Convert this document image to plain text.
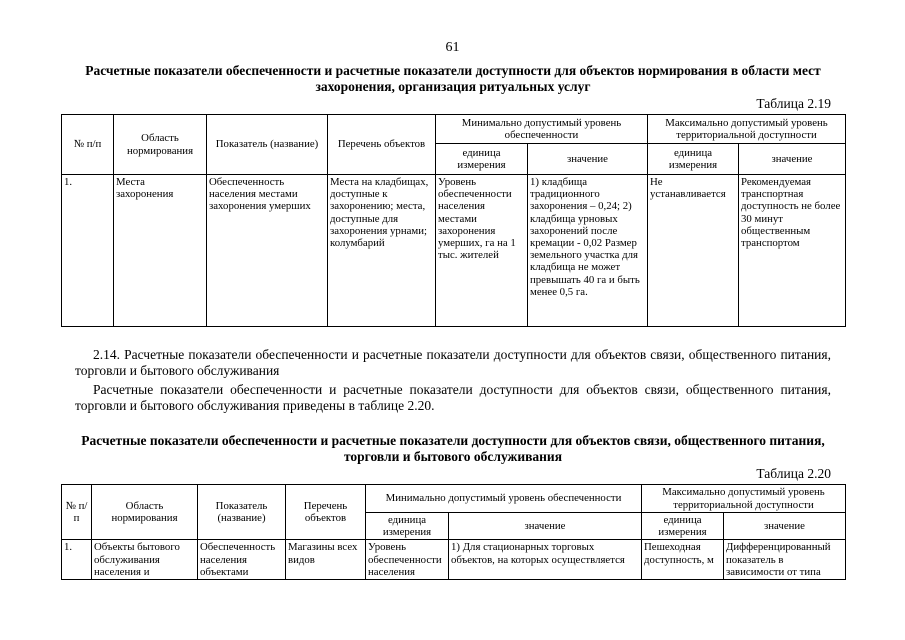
61
Расчетные показатели обеспеченности и расчетные показатели доступности для объектов нормирования в области мест захоронения, организация ритуальных услуг
Таблица 2.19
№ п/п	Область нормирования	Показатель (название)	Перечень объектов	Минимально допустимый уровень обеспеченности		Максимально допустимый уровень территориальной доступности	
				единица измерения	значение	единица измерения	значение
1.	Места захоронения	Обеспеченность населения местами захоронения умерших	Места на кладбищах, доступные к захоронению; места, доступные для захоронения урнами; колумбарий	Уровень обеспеченности населения местами захоронения умерших, га на 1 тыс. жителей	1) кладбища традиционного захоронения – 0,24; 2) кладбища урновых захоронений после кремации - 0,02 Размер земельного участка для кладбища не может превышать 40 га и быть менее 0,5 га.	Не устанавливается	Рекомендуемая транспортная доступность не более 30 минут общественным транспортом
2.14. Расчетные показатели обеспеченности и расчетные показатели доступности для объектов связи, общественного питания, торговли и бытового обслуживания
Расчетные показатели обеспеченности и расчетные показатели доступности для объектов связи, общественного питания, торговли и бытового обслуживания приведены в таблице 2.20.
Расчетные показатели обеспеченности и расчетные показатели доступности для объектов связи, общественного питания, торговли и бытового обслуживания
Таблица 2.20
№ п/п	Область нормирования	Показатель (название)	Перечень объектов	Минимально допустимый уровень обеспеченности		Максимально допустимый уровень территориальной доступности	
				единица измерения	значение	единица измерения	значение
1.	Объекты бытового обслуживания населения и	Обеспеченность населения объектами	Магазины всех видов	Уровень обеспеченности населения	1) Для стационарных торговых объектов, на которых осуществляется	Пешеходная доступность, м	Дифференцированный показатель в зависимости от типа
